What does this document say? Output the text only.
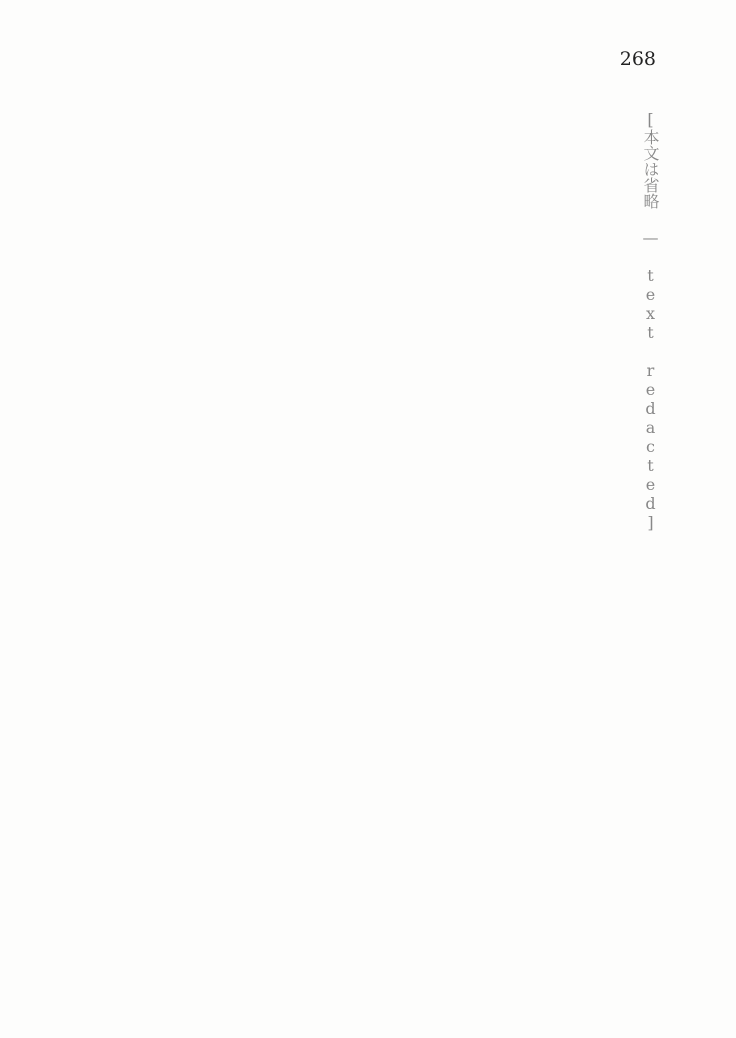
268
[本文は省略 — text redacted]
